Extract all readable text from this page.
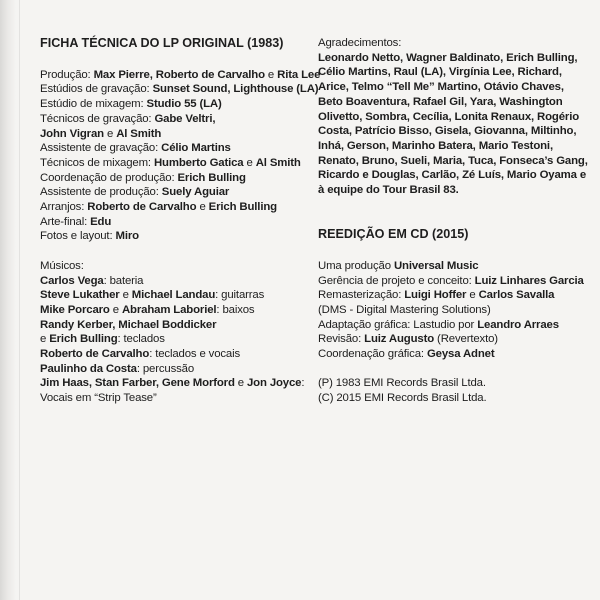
FICHA TÉCNICA DO LP ORIGINAL (1983)
Produção: Max Pierre, Roberto de Carvalho e Rita Lee
Estúdios de gravação: Sunset Sound, Lighthouse (LA)
Estúdio de mixagem: Studio 55 (LA)
Técnicos de gravação: Gabe Veltri,
John Vigran e Al Smith
Assistente de gravação: Célio Martins
Técnicos de mixagem: Humberto Gatica e Al Smith
Coordenação de produção: Erich Bulling
Assistente de produção: Suely Aguiar
Arranjos: Roberto de Carvalho e Erich Bulling
Arte-final: Edu
Fotos e layout: Miro
Músicos:
Carlos Vega: bateria
Steve Lukather e Michael Landau: guitarras
Mike Porcaro e Abraham Laboriel: baixos
Randy Kerber, Michael Boddicker
e Erich Bulling: teclados
Roberto de Carvalho: teclados e vocais
Paulinho da Costa: percussão
Jim Haas, Stan Farber, Gene Morford e Jon Joyce:
Vocais em “Strip Tease”
Agradecimentos:
Leonardo Netto, Wagner Baldinato, Erich Bulling, Célio Martins, Raul (LA), Virgínia Lee, Richard, Arice, Telmo “Tell Me” Martino, Otávio Chaves, Beto Boaventura, Rafael Gil, Yara, Washington Olivetto, Sombra, Cecília, Lonita Renaux, Rogério Costa, Patrício Bisso, Gisela, Giovanna, Miltinho, Inhá, Gerson, Marinho Batera, Mario Testoni, Renato, Bruno, Sueli, Maria, Tuca, Fonseca’s Gang, Ricardo e Douglas, Carlão, Zé Luís, Mario Oyama e à equipe do Tour Brasil 83.
REEDIÇÃO EM CD (2015)
Uma produção Universal Music
Gerência de projeto e conceito: Luiz Linhares Garcia
Remasterização: Luigi Hoffer e Carlos Savalla
(DMS - Digital Mastering Solutions)
Adaptação gráfica: Lastudio por Leandro Arraes
Revisão: Luiz Augusto (Revertexto)
Coordenação gráfica: Geysa Adnet
(P) 1983 EMI Records Brasil Ltda.
(C) 2015 EMI Records Brasil Ltda.
